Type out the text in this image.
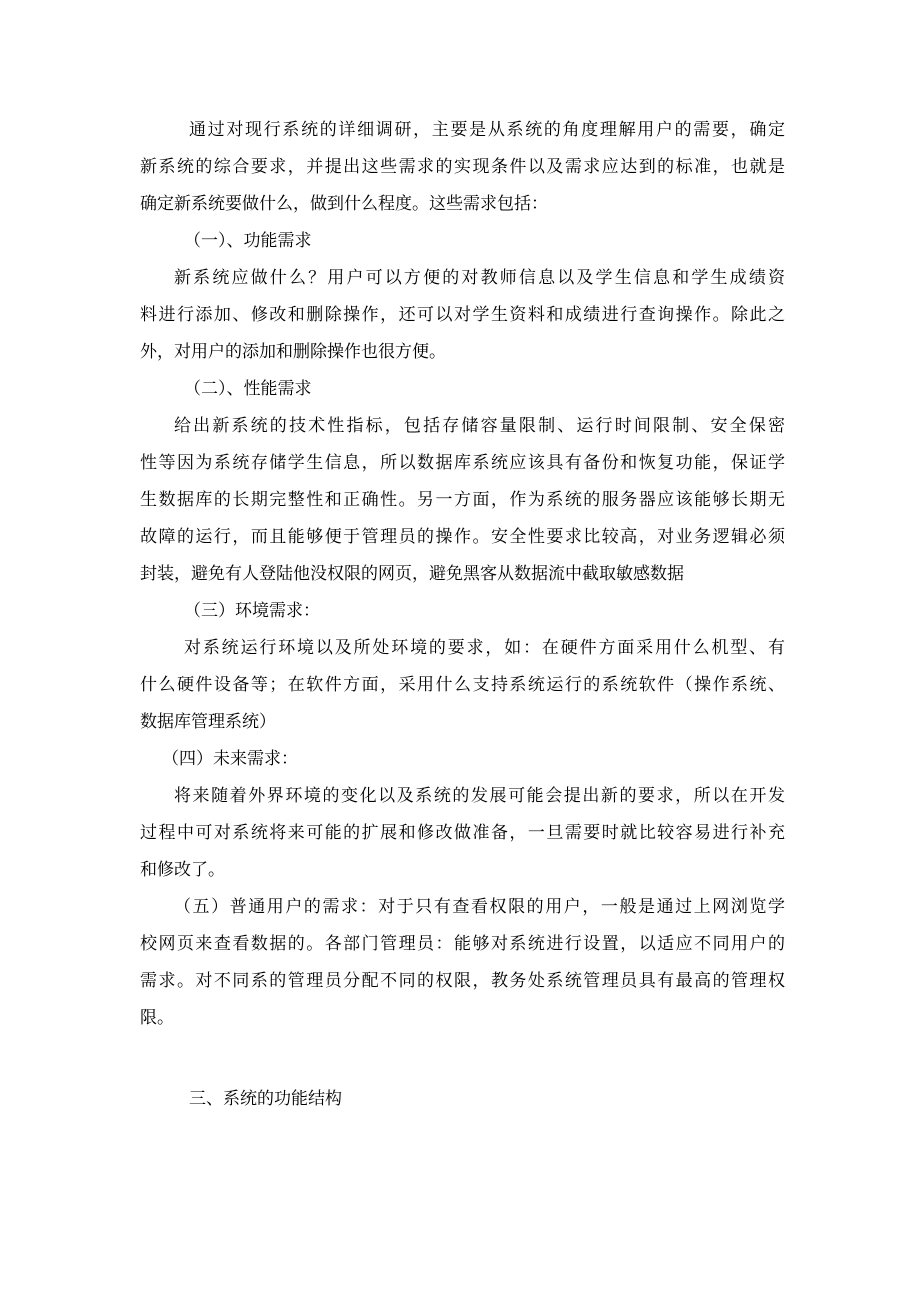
通过对现行系统的详细调研，主要是从系统的角度理解用户的需要，确定
新系统的综合要求，并提出这些需求的实现条件以及需求应达到的标准，也就是
确定新系统要做什么，做到什么程度。这些需求包括：
（一）、功能需求
新系统应做什么？用户可以方便的对教师信息以及学生信息和学生成绩资
料进行添加、修改和删除操作，还可以对学生资料和成绩进行查询操作。除此之
外，对用户的添加和删除操作也很方便。
（二）、性能需求
给出新系统的技术性指标，包括存储容量限制、运行时间限制、安全保密
性等因为系统存储学生信息，所以数据库系统应该具有备份和恢复功能，保证学
生数据库的长期完整性和正确性。另一方面，作为系统的服务器应该能够长期无
故障的运行，而且能够便于管理员的操作。安全性要求比较高，对业务逻辑必须
封装，避免有人登陆他没权限的网页，避免黑客从数据流中截取敏感数据
（三）环境需求：
对系统运行环境以及所处环境的要求，如：在硬件方面采用什么机型、有
什么硬件设备等；在软件方面，采用什么支持系统运行的系统软件（操作系统、
数据库管理系统）
（四）未来需求：
将来随着外界环境的变化以及系统的发展可能会提出新的要求，所以在开发
过程中可对系统将来可能的扩展和修改做准备，一旦需要时就比较容易进行补充
和修改了。
（五）普通用户的需求：对于只有查看权限的用户，一般是通过上网浏览学
校网页来查看数据的。各部门管理员：能够对系统进行设置，以适应不同用户的
需求。对不同系的管理员分配不同的权限，教务处系统管理员具有最高的管理权
限。
三、系统的功能结构
